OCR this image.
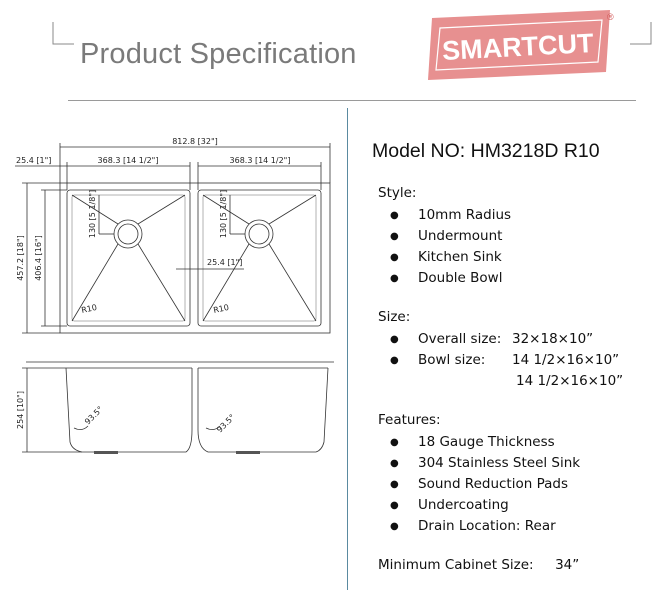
Product Specification	SMARTCUT
®
812.8 [32"]
368.3 [14 1/2"]	368.3 [14 1/2"]
25.4 [1"]
457.2 [18"] 406.4 [16"]
130 [5 1/8"]	130 [5 1/8"]
25.4 [1"]
R10	R10
254 [10"]	93.5°	93.5°
Model NO: HM3218D R10
Style:
● 10mm Radius
● Undermount
● Kitchen Sink
● Double Bowl
Size:
● Overall size: 32×18×10”
● Bowl size:	14 1/2×16×10”
14 1/2×16×10”
Features:
● 18 Gauge Thickness
● 304 Stainless Steel Sink
● Sound Reduction Pads
● Undercoating
● Drain Location: Rear
Minimum Cabinet Size: 34”
